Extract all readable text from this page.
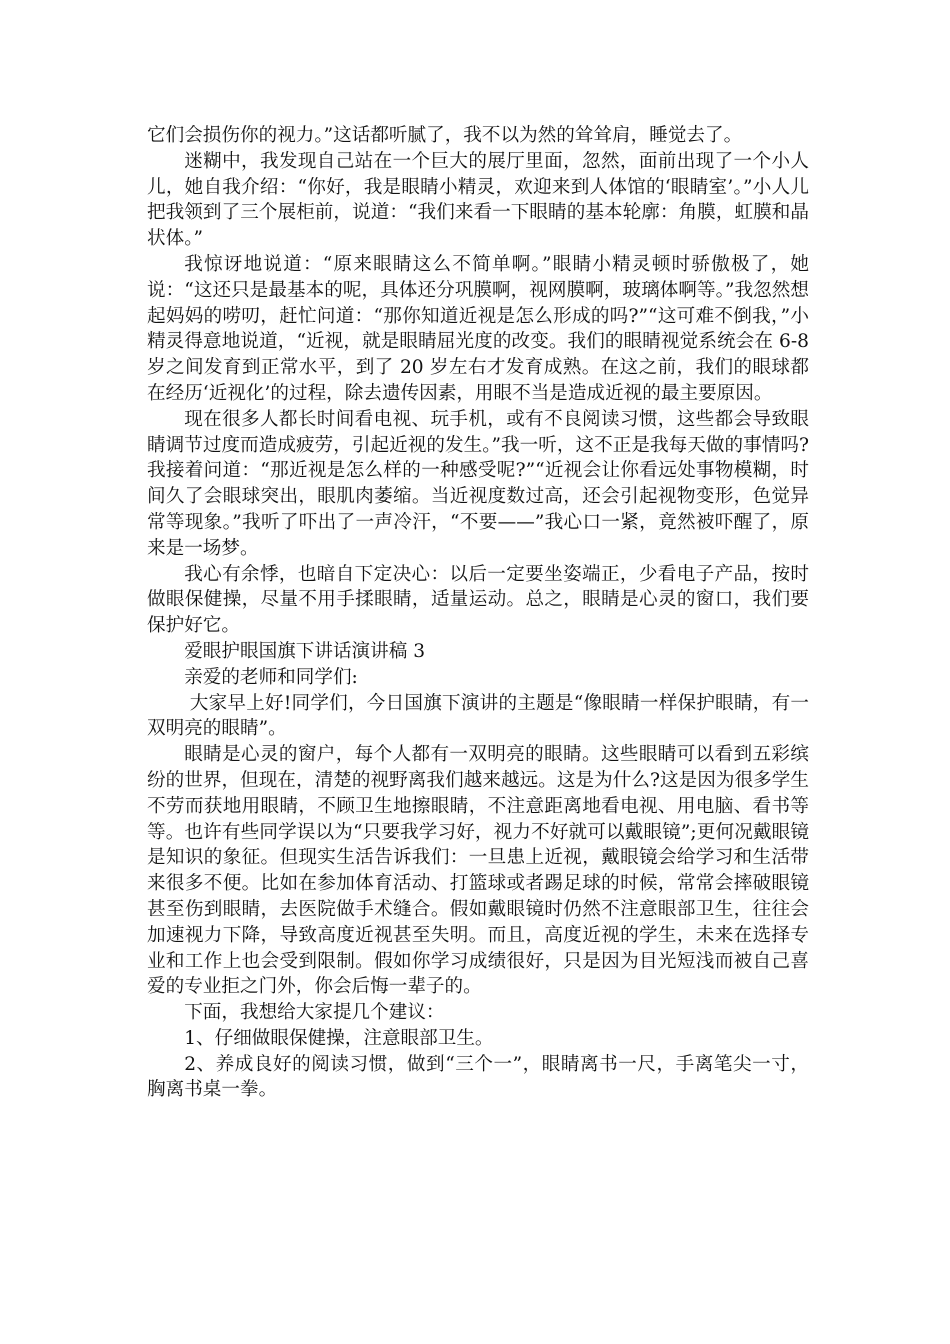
它们会损伤你的视力。”这话都听腻了，我不以为然的耸耸肩，睡觉去了。

迷糊中，我发现自己站在一个巨大的展厅里面，忽然，面前出现了一个小人儿，她自我介绍：“你好，我是眼睛小精灵，欢迎来到人体馆的‘眼睛室’。”小人儿把我领到了三个展柜前，说道：“我们来看一下眼睛的基本轮廓：角膜，虹膜和晶状体。”

我惊讶地说道：“原来眼睛这么不简单啊。”眼睛小精灵顿时骄傲极了，她说：“这还只是最基本的呢，具体还分巩膜啊，视网膜啊，玻璃体啊等。”我忽然想起妈妈的唠叨，赶忙问道：“那你知道近视是怎么形成的吗?”“这可难不倒我，”小精灵得意地说道，“近视，就是眼睛屈光度的改变。我们的眼睛视觉系统会在 6-8 岁之间发育到正常水平，到了 20 岁左右才发育成熟。在这之前，我们的眼球都在经历‘近视化’的过程，除去遗传因素，用眼不当是造成近视的最主要原因。

现在很多人都长时间看电视、玩手机，或有不良阅读习惯，这些都会导致眼睛调节过度而造成疲劳，引起近视的发生。”我一听，这不正是我每天做的事情吗?我接着问道：“那近视是怎么样的一种感受呢?”“近视会让你看远处事物模糊，时间久了会眼球突出，眼肌肉萎缩。当近视度数过高，还会引起视物变形，色觉异常等现象。”我听了吓出了一声冷汗，“不要——”我心口一紧，竟然被吓醒了，原来是一场梦。

我心有余悸，也暗自下定决心：以后一定要坐姿端正，少看电子产品，按时做眼保健操，尽量不用手揉眼睛，适量运动。总之，眼睛是心灵的窗口，我们要保护好它。

爱眼护眼国旗下讲话演讲稿 3

亲爱的老师和同学们:

大家早上好!同学们，今日国旗下演讲的主题是“像眼睛一样保护眼睛，有一双明亮的眼睛”。

眼睛是心灵的窗户，每个人都有一双明亮的眼睛。这些眼睛可以看到五彩缤纷的世界，但现在，清楚的视野离我们越来越远。这是为什么?这是因为很多学生不劳而获地用眼睛，不顾卫生地擦眼睛，不注意距离地看电视、用电脑、看书等等。也许有些同学误以为“只要我学习好，视力不好就可以戴眼镜”;更何况戴眼镜是知识的象征。但现实生活告诉我们：一旦患上近视，戴眼镜会给学习和生活带来很多不便。比如在参加体育活动、打篮球或者踢足球的时候，常常会摔破眼镜甚至伤到眼睛，去医院做手术缝合。假如戴眼镜时仍然不注意眼部卫生，往往会加速视力下降，导致高度近视甚至失明。而且，高度近视的学生，未来在选择专业和工作上也会受到限制。假如你学习成绩很好，只是因为目光短浅而被自己喜爱的专业拒之门外，你会后悔一辈子的。

下面，我想给大家提几个建议：

1、仔细做眼保健操，注意眼部卫生。

2、养成良好的阅读习惯，做到“三个一”，眼睛离书一尺，手离笔尖一寸，胸离书桌一拳。
